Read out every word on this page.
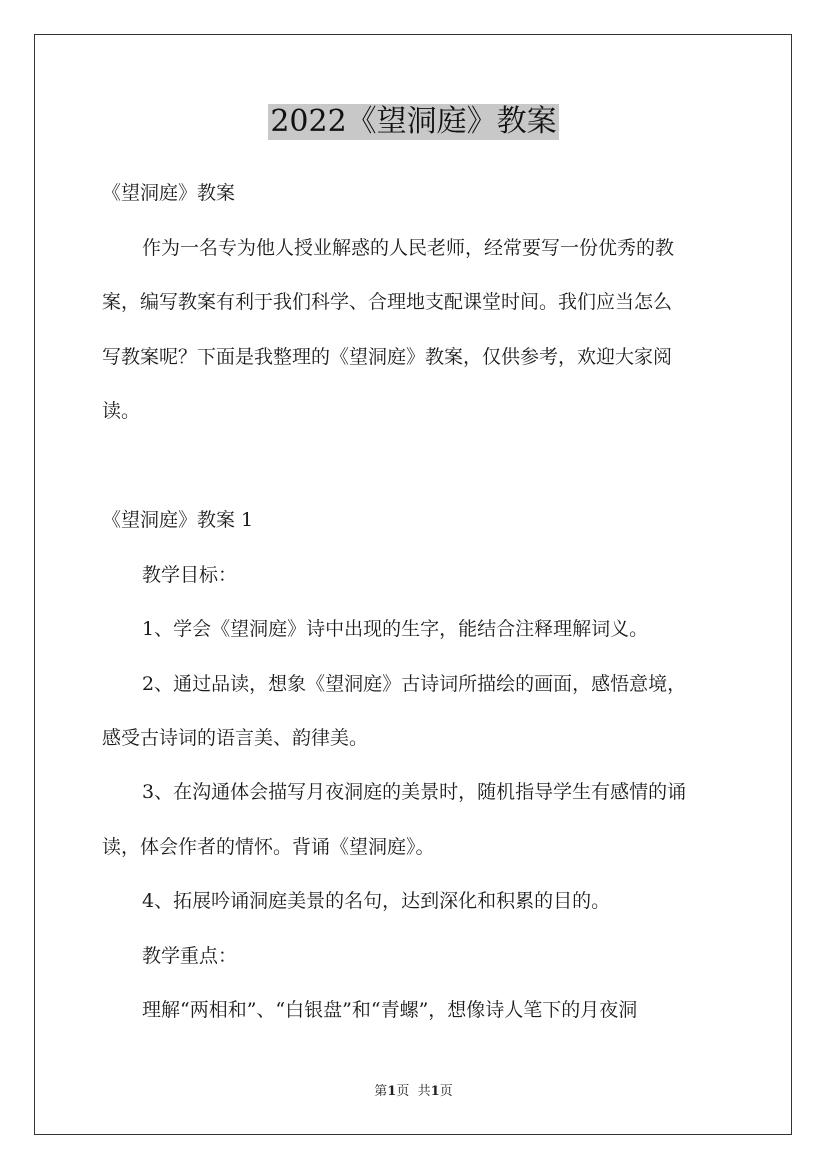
2022《望洞庭》教案
《望洞庭》教案
作为一名专为他人授业解惑的人民老师，经常要写一份优秀的教
案，编写教案有利于我们科学、合理地支配课堂时间。我们应当怎么
写教案呢？下面是我整理的《望洞庭》教案，仅供参考，欢迎大家阅
读。
《望洞庭》教案 1
教学目标：
1、学会《望洞庭》诗中出现的生字，能结合注释理解词义。
2、通过品读，想象《望洞庭》古诗词所描绘的画面，感悟意境，
感受古诗词的语言美、韵律美。
3、在沟通体会描写月夜洞庭的美景时，随机指导学生有感情的诵
读，体会作者的情怀。背诵《望洞庭》。
4、拓展吟诵洞庭美景的名句，达到深化和积累的目的。
教学重点：
理解“两相和”、“白银盘”和“青螺”，想像诗人笔下的月夜洞
第1页 共1页
